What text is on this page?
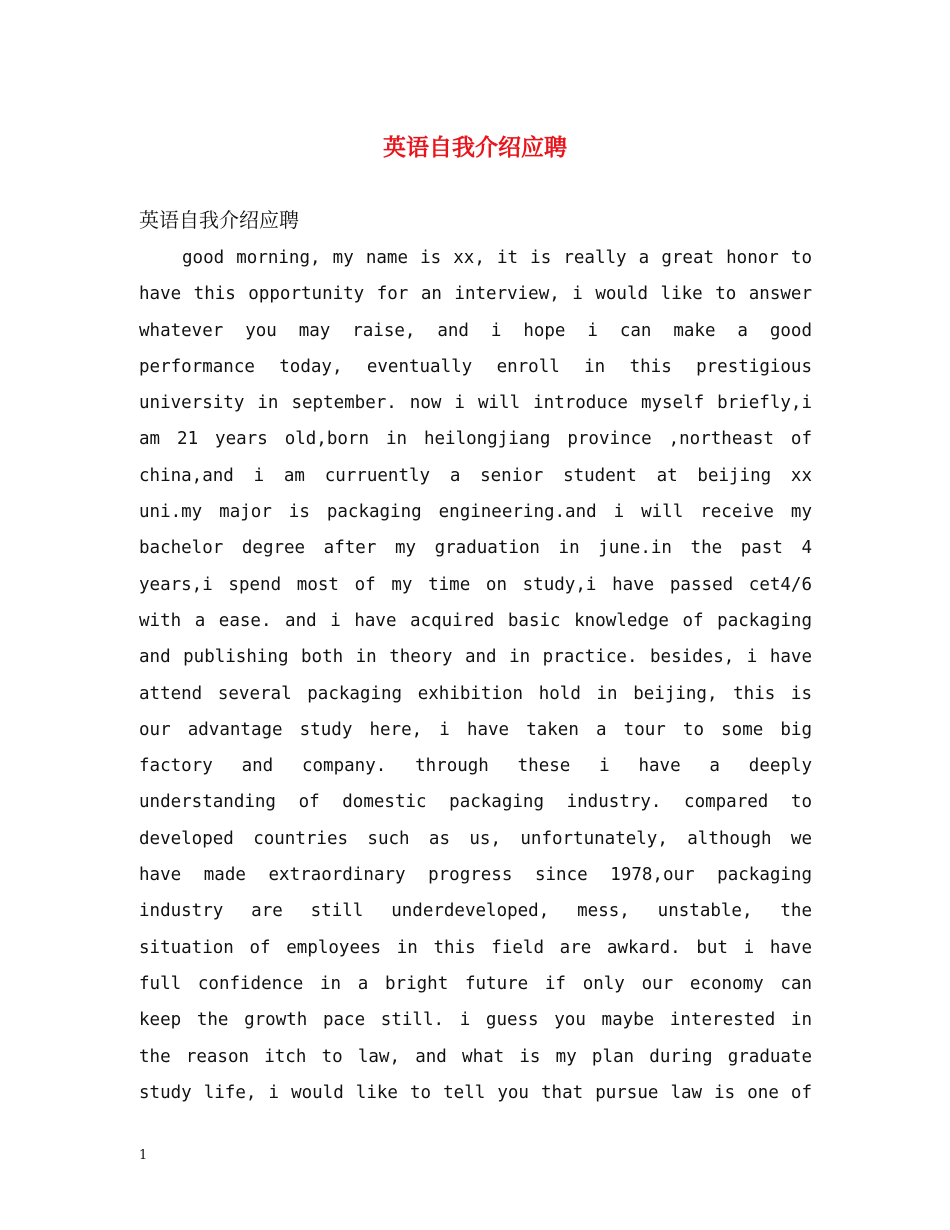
英语自我介绍应聘

英语自我介绍应聘

good morning, my name is xx, it is really a great honor to
have this opportunity for an interview, i would like to answer
whatever you may raise, and i hope i can make a good
performance today, eventually enroll in this prestigious
university in september. now i will introduce myself briefly,i
am 21 years old,born in heilongjiang province ,northeast of
china,and i am curruently a senior student at beijing xx
uni.my major is packaging engineering.and i will receive my
bachelor degree after my graduation in june.in the past 4
years,i spend most of my time on study,i have passed cet4/6
with a ease. and i have acquired basic knowledge of packaging
and publishing both in theory and in practice. besides, i have
attend several packaging exhibition hold in beijing, this is
our advantage study here, i have taken a tour to some big
factory and company. through these i have a deeply
understanding of domestic packaging industry. compared to
developed countries such as us, unfortunately, although we
have made extraordinary progress since 1978,our packaging
industry are still underdeveloped, mess, unstable, the
situation of employees in this field are awkard. but i have
full confidence in a bright future if only our economy can
keep the growth pace still. i guess you maybe interested in
the reason itch to law, and what is my plan during graduate
study life, i would like to tell you that pursue law is one of
1
